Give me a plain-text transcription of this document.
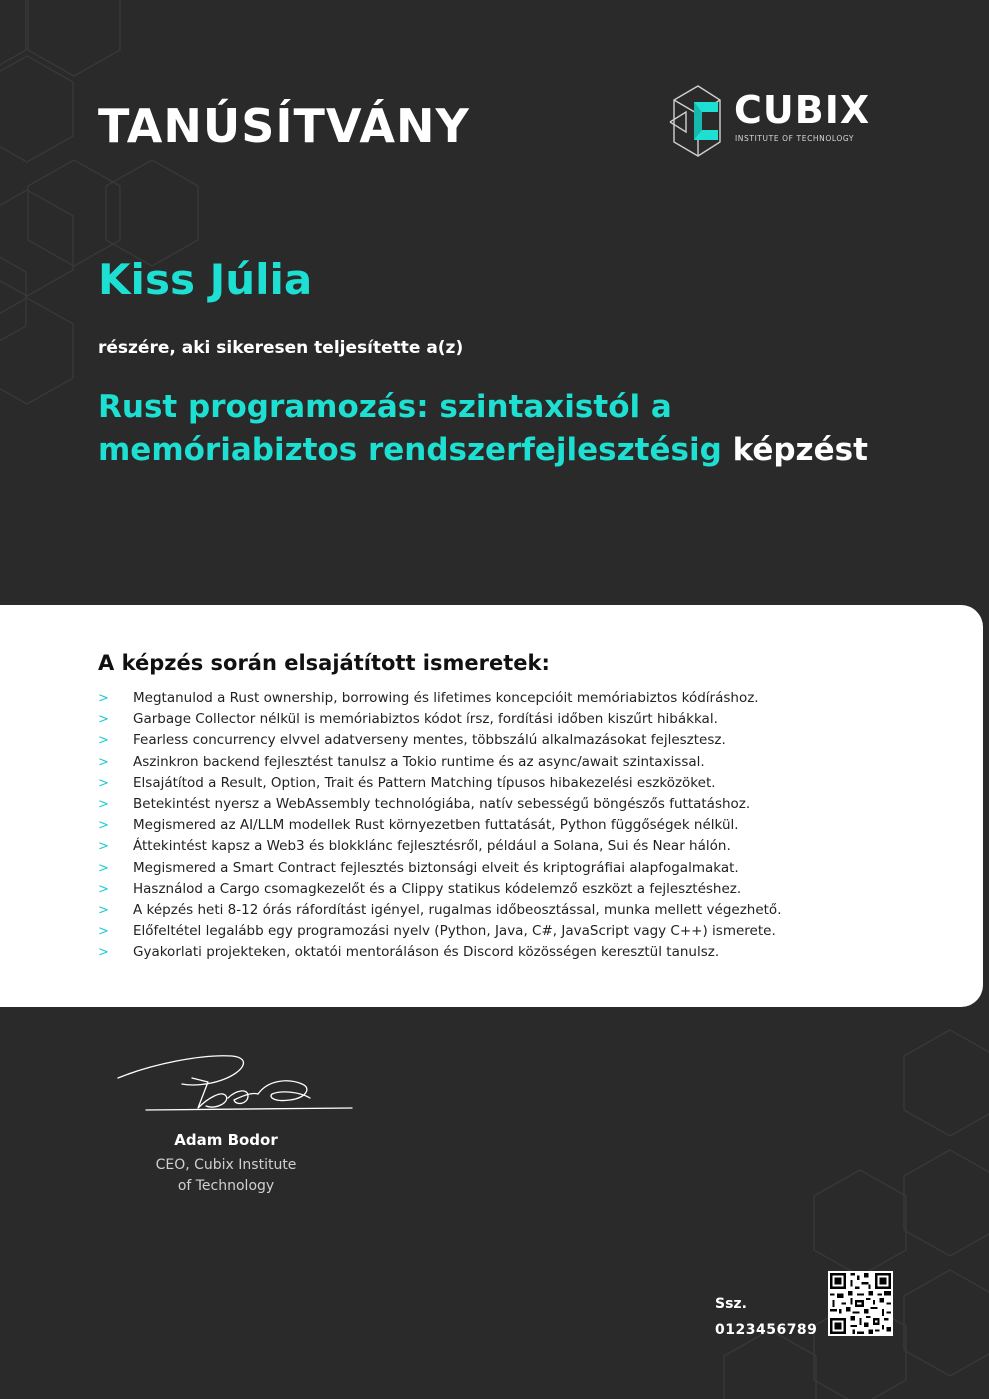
TANÚSÍTVÁNY	CUBIX
INSTITUTE OF TECHNOLOGY
Kiss Júlia
részére, aki sikeresen teljesítette a(z)
Rust programozás: szintaxistól a memóriabiztos rendszerfejlesztésig képzést
A képzés során elsajátított ismeretek:
> Megtanulod a Rust ownership, borrowing és lifetimes koncepcióit memóriabiztos kódíráshoz.
> Garbage Collector nélkül is memóriabiztos kódot írsz, fordítási időben kiszűrt hibákkal.
> Fearless concurrency elvvel adatverseny mentes, többszálú alkalmazásokat fejlesztesz.
> Aszinkron backend fejlesztést tanulsz a Tokio runtime és az async/await szintaxissal.
> Elsajátítod a Result, Option, Trait és Pattern Matching típusos hibakezelési eszközöket.
> Betekintést nyersz a WebAssembly technológiába, natív sebességű böngészős futtatáshoz.
> Megismered az AI/LLM modellek Rust környezetben futtatását, Python függőségek nélkül.
> Áttekintést kapsz a Web3 és blokklánc fejlesztésről, például a Solana, Sui és Near hálón.
> Megismered a Smart Contract fejlesztés biztonsági elveit és kriptográfiai alapfogalmakat.
> Használod a Cargo csomagkezelőt és a Clippy statikus kódelemző eszközt a fejlesztéshez.
> A képzés heti 8-12 órás ráfordítást igényel, rugalmas időbeosztással, munka mellett végezhető.
> Előfeltétel legalább egy programozási nyelv (Python, Java, C#, JavaScript vagy C++) ismerete.
> Gyakorlati projekteken, oktatói mentoráláson és Discord közösségen keresztül tanulsz.
Adam Bodor
CEO, Cubix Institute
of Technology
Ssz.
0123456789
